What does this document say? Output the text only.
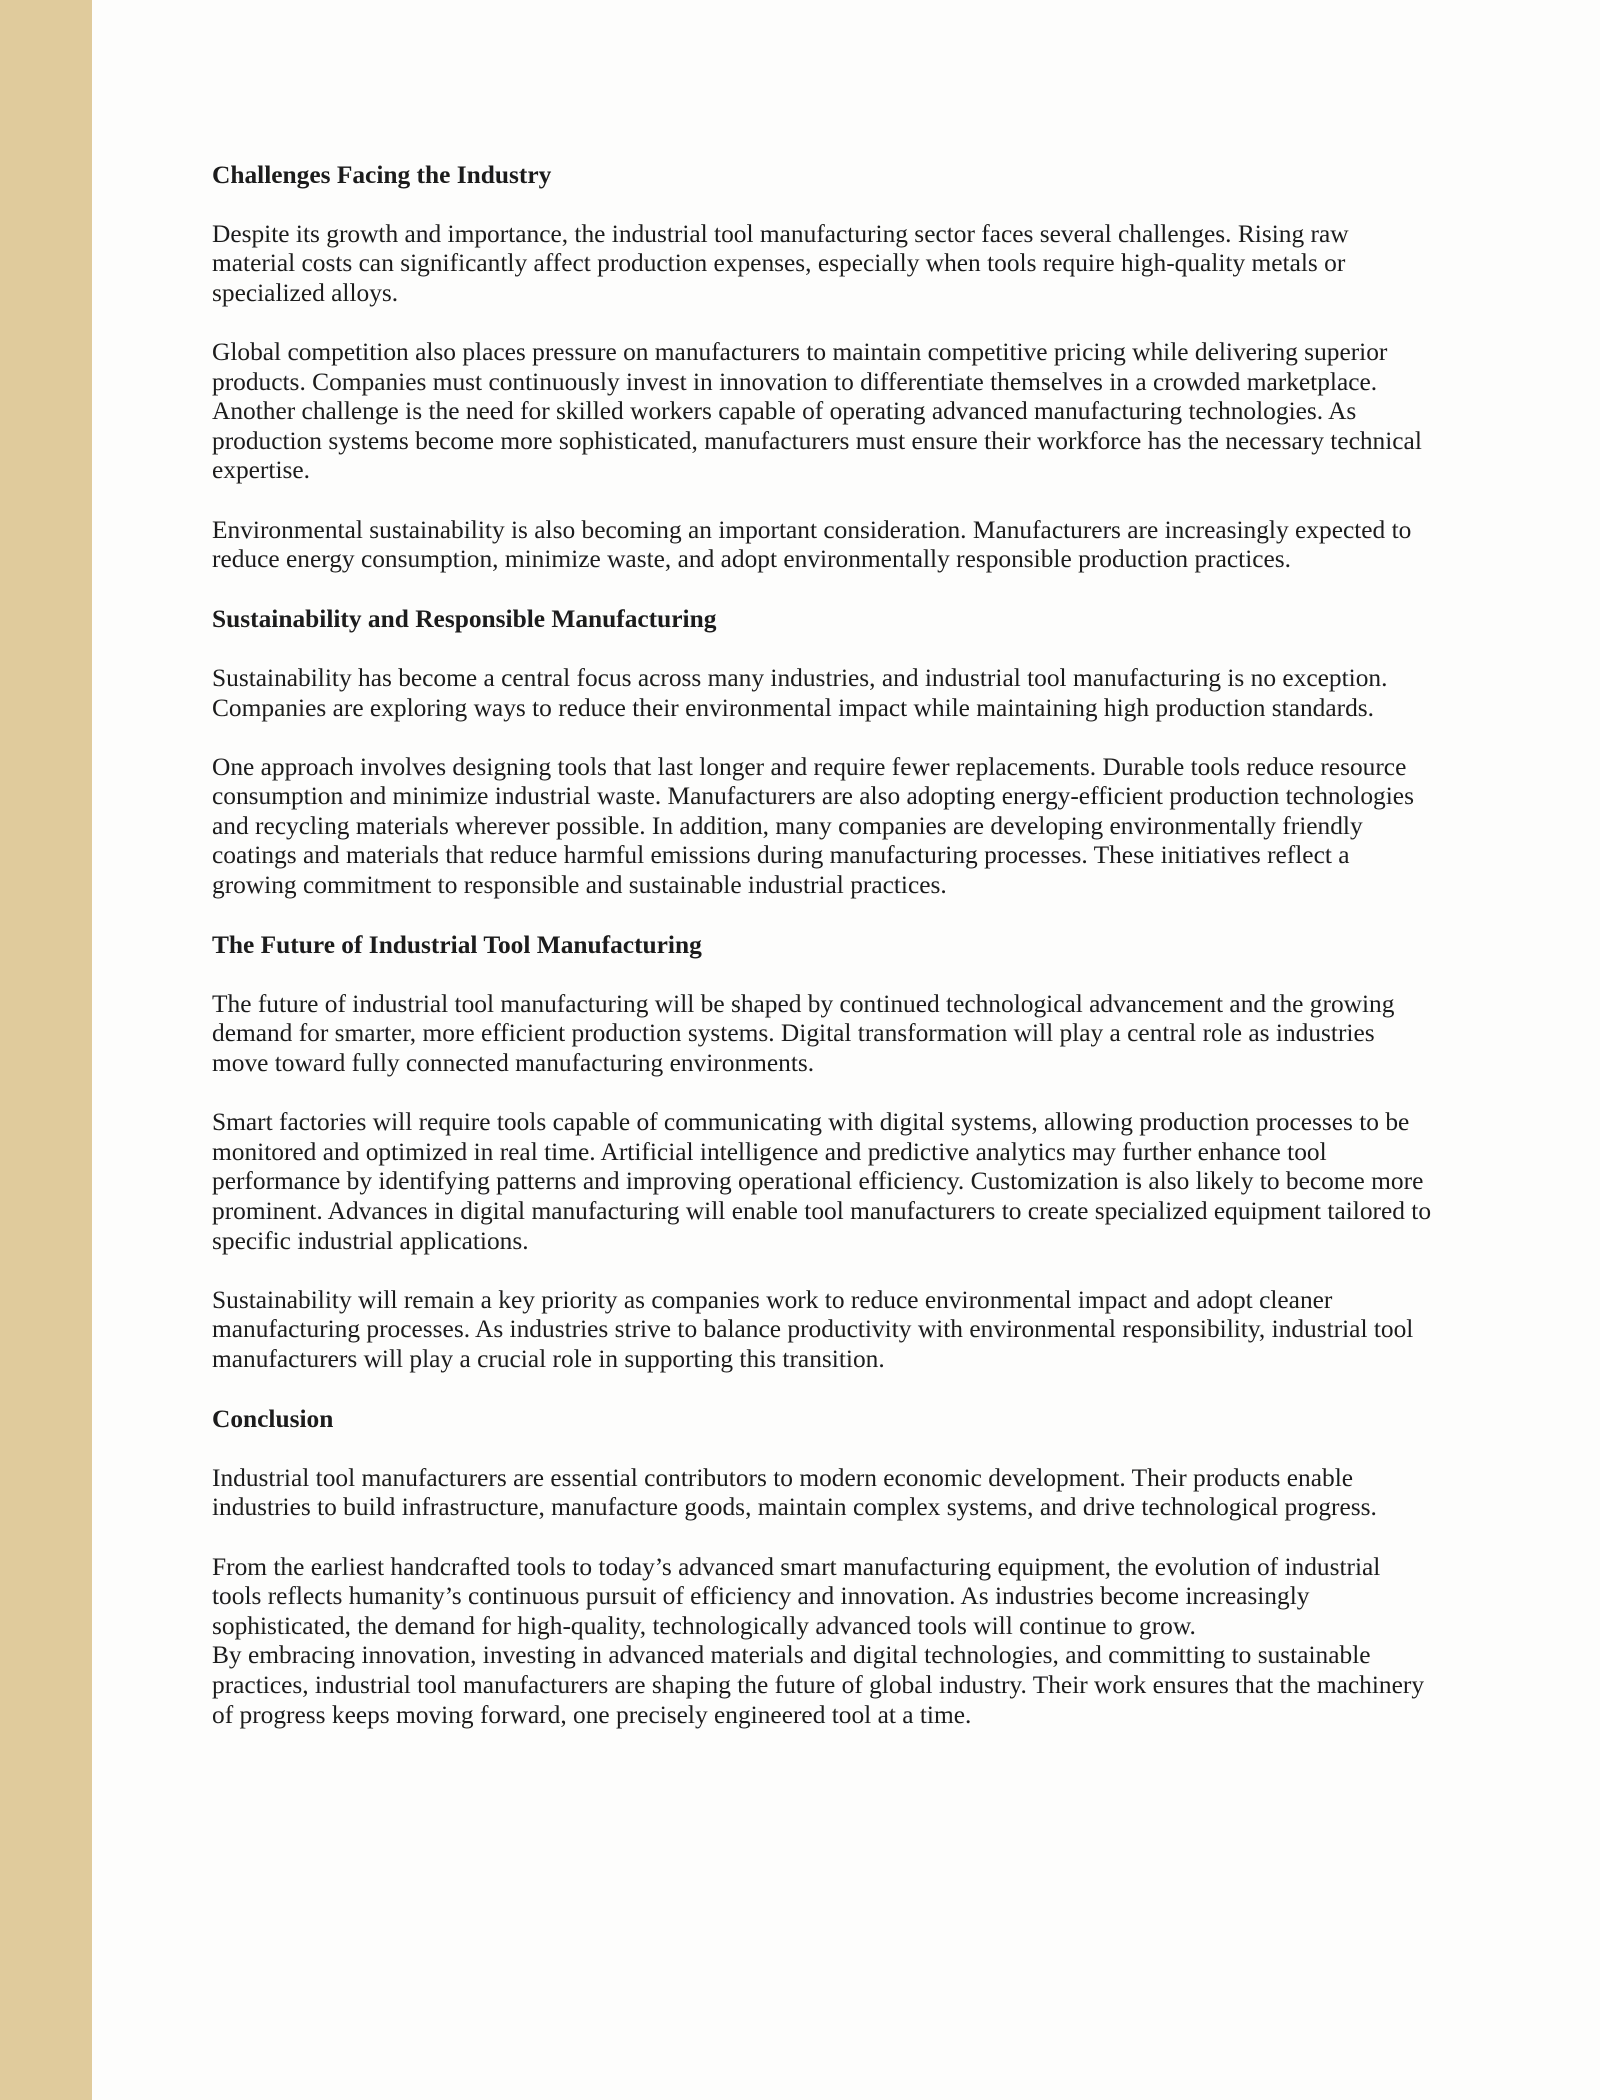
Challenges Facing the Industry

Despite its growth and importance, the industrial tool manufacturing sector faces several challenges. Rising raw material costs can significantly affect production expenses, especially when tools require high-quality metals or specialized alloys.

Global competition also places pressure on manufacturers to maintain competitive pricing while delivering superior products. Companies must continuously invest in innovation to differentiate themselves in a crowded marketplace. Another challenge is the need for skilled workers capable of operating advanced manufacturing technologies. As production systems become more sophisticated, manufacturers must ensure their workforce has the necessary technical expertise.

Environmental sustainability is also becoming an important consideration. Manufacturers are increasingly expected to reduce energy consumption, minimize waste, and adopt environmentally responsible production practices.

Sustainability and Responsible Manufacturing

Sustainability has become a central focus across many industries, and industrial tool manufacturing is no exception. Companies are exploring ways to reduce their environmental impact while maintaining high production standards.

One approach involves designing tools that last longer and require fewer replacements. Durable tools reduce resource consumption and minimize industrial waste. Manufacturers are also adopting energy-efficient production technologies and recycling materials wherever possible. In addition, many companies are developing environmentally friendly coatings and materials that reduce harmful emissions during manufacturing processes. These initiatives reflect a growing commitment to responsible and sustainable industrial practices.

The Future of Industrial Tool Manufacturing

The future of industrial tool manufacturing will be shaped by continued technological advancement and the growing demand for smarter, more efficient production systems. Digital transformation will play a central role as industries move toward fully connected manufacturing environments.

Smart factories will require tools capable of communicating with digital systems, allowing production processes to be monitored and optimized in real time. Artificial intelligence and predictive analytics may further enhance tool performance by identifying patterns and improving operational efficiency. Customization is also likely to become more prominent. Advances in digital manufacturing will enable tool manufacturers to create specialized equipment tailored to specific industrial applications.

Sustainability will remain a key priority as companies work to reduce environmental impact and adopt cleaner manufacturing processes. As industries strive to balance productivity with environmental responsibility, industrial tool manufacturers will play a crucial role in supporting this transition.

Conclusion

Industrial tool manufacturers are essential contributors to modern economic development. Their products enable industries to build infrastructure, manufacture goods, maintain complex systems, and drive technological progress.

From the earliest handcrafted tools to today’s advanced smart manufacturing equipment, the evolution of industrial tools reflects humanity’s continuous pursuit of efficiency and innovation. As industries become increasingly sophisticated, the demand for high-quality, technologically advanced tools will continue to grow.

By embracing innovation, investing in advanced materials and digital technologies, and committing to sustainable practices, industrial tool manufacturers are shaping the future of global industry. Their work ensures that the machinery of progress keeps moving forward, one precisely engineered tool at a time.
